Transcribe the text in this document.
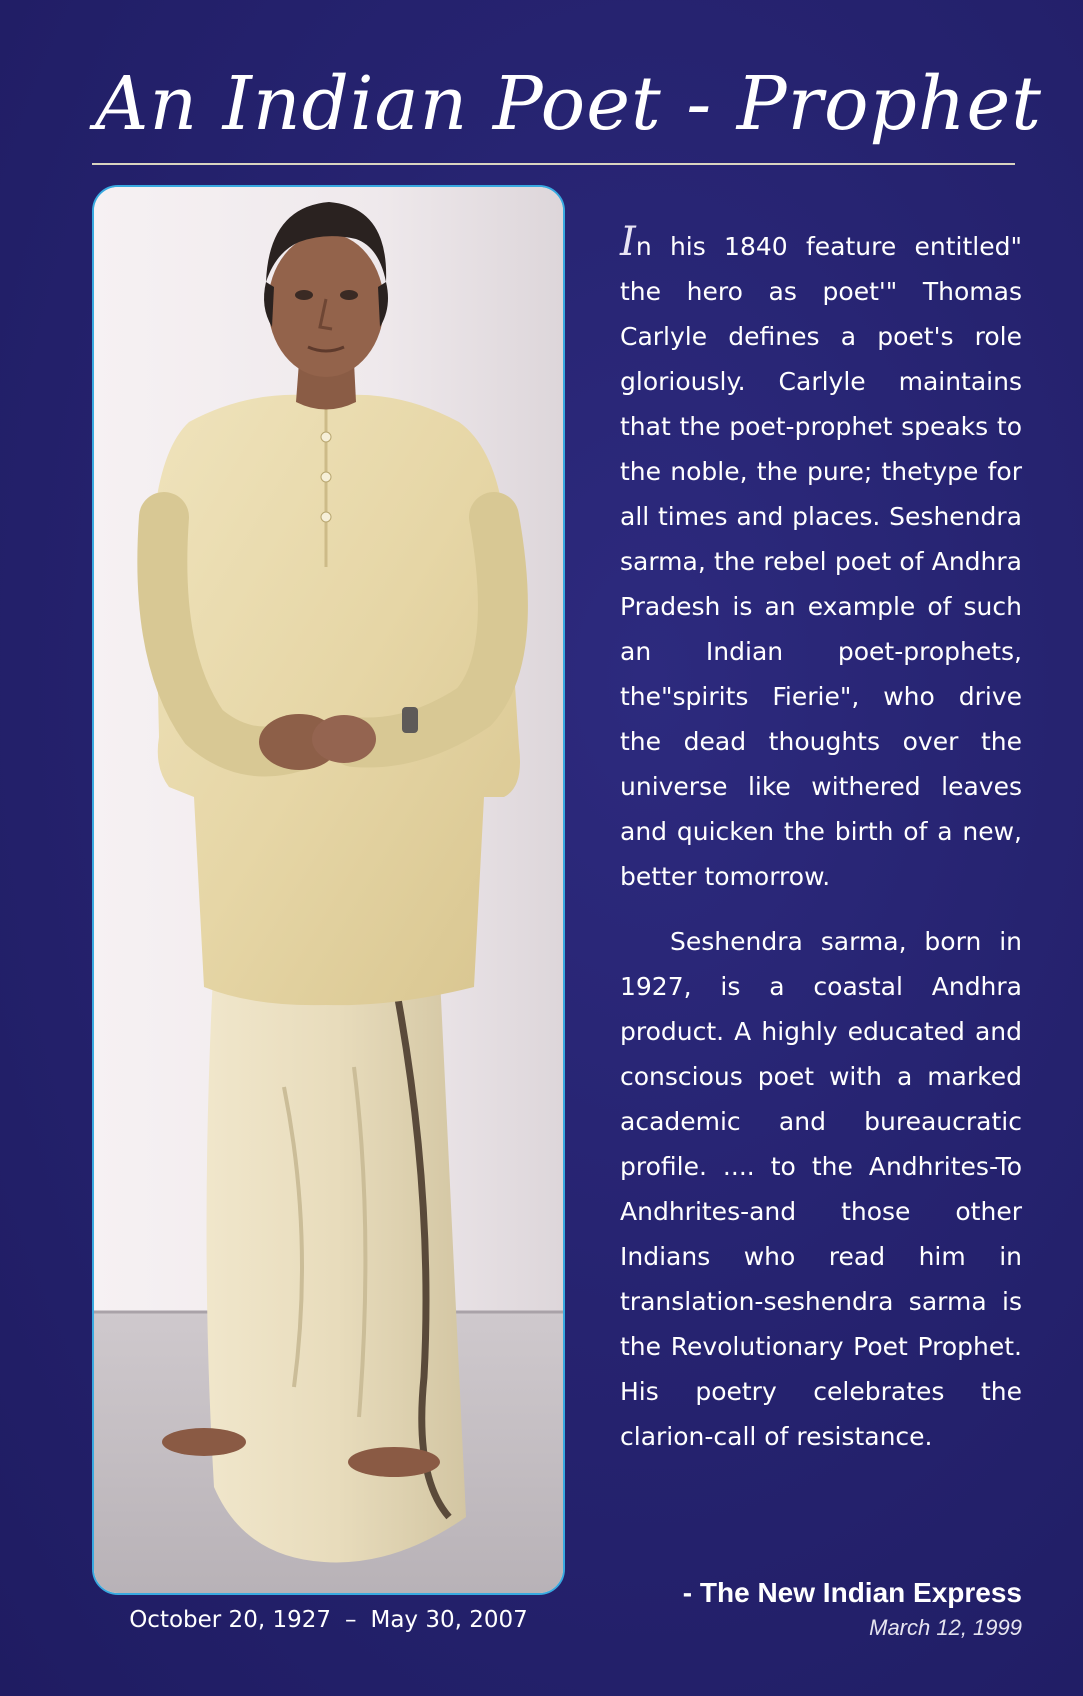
An Indian Poet - Prophet
October 20, 1927 – May 30, 2007

In his 1840 feature entitled" the hero as poet'" Thomas Carlyle defines a poet's role gloriously. Carlyle maintains that the poet-prophet speaks to the noble, the pure; thetype for all times and places. Seshendra sarma, the rebel poet of Andhra Pradesh is an example of such an Indian poet-prophets, the"spirits Fierie", who drive the dead thoughts over the universe like withered leaves and quicken the birth of a new, better tomorrow.

Seshendra sarma, born in 1927, is a coastal Andhra product. A highly educated and conscious poet with a marked academic and bureaucratic profile. .... to the Andhrites-To Andhrites-and those other Indians who read him in translation-seshendra sarma is the Revolutionary Poet Prophet. His poetry celebrates the clarion-call of resistance.

- The New Indian Express
March 12, 1999
